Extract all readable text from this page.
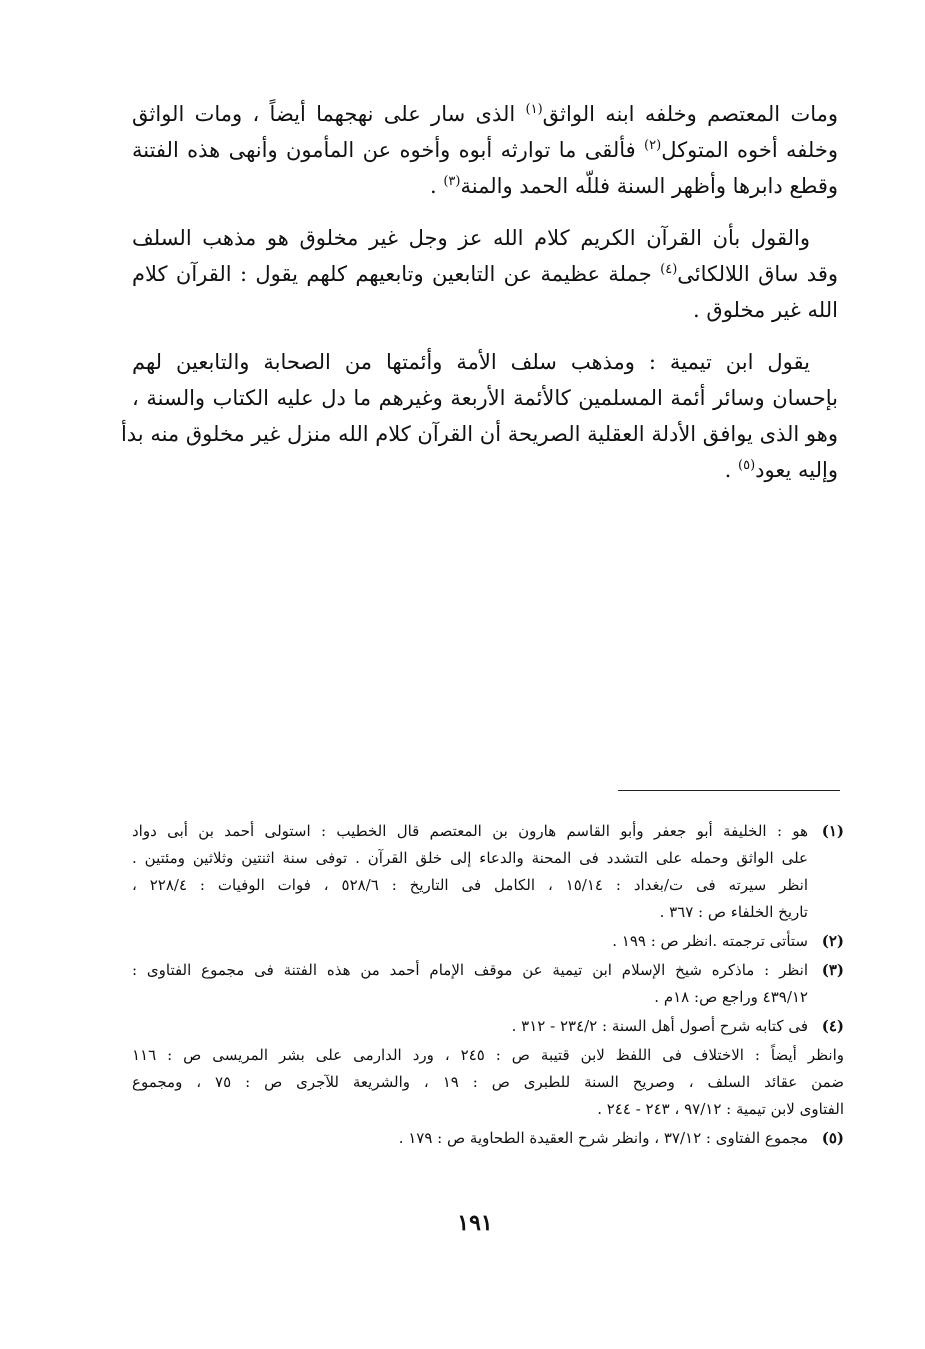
ومات المعتصم وخلفه ابنه الواثق$^{(١)}$ الذى سار على نهجهما أيضاً ، ومات الواثق
وخلفه أخوه المتوكل$^{(٢)}$ فألقى ما توارثه أبوه وأخوه عن المأمون وأنهى هذه الفتنة
وقطع دابرها وأظهر السنة فللّه الحمد والمنة$^{(٣)}$ .

والقول بأن القرآن الكريم كلام الله عز وجل غير مخلوق هو مذهب السلف
وقد ساق اللالكائى$^{(٤)}$ جملة عظيمة عن التابعين وتابعيهم كلهم يقول : القرآن كلام
الله غير مخلوق .

يقول ابن تيمية : ومذهب سلف الأمة وأئمتها من الصحابة والتابعين لهم
بإحسان وسائر أئمة المسلمين كالأئمة الأربعة وغيرهم ما دل عليه الكتاب والسنة ،
وهو الذى يوافق الأدلة العقلية الصريحة أن القرآن كلام الله منزل غير مخلوق منه بدأ
وإليه يعود$^{(٥)}$ .

(١)
هو : الخليفة أبو جعفر وأبو القاسم هارون بن المعتصم قال الخطيب : استولى أحمد بن أبى دواد
على الواثق وحمله على التشدد فى المحنة والدعاء إلى خلق القرآن . توفى سنة اثنتين وثلاثين ومئتين .
انظر سيرته فى ت/بغداد : ١٥/١٤ ، الكامل فى التاريخ : ٥٢٨/٦ ، فوات الوفيات : ٢٢٨/٤ ،
تاريخ الخلفاء ص : ٣٦٧ .
(٢)
ستأتى ترجمته .انظر ص : ١٩٩ .
(٣)
انظر : ماذكره شيخ الإسلام ابن تيمية عن موقف الإمام أحمد من هذه الفتنة فى مجموع الفتاوى :
٤٣٩/١٢ وراجع ص: ١٨م .
(٤)
فى كتابه شرح أصول أهل السنة : ٢٣٤/٢ - ٣١٢ .
وانظر أيضاً : الاختلاف فى اللفظ لابن قتيبة ص : ٢٤٥ ، ورد الدارمى على بشر المريسى ص : ١١٦
ضمن عقائد السلف ، وصريح السنة للطبرى ص : ١٩ ، والشريعة للآجرى ص : ٧٥ ، ومجموع
الفتاوى لابن تيمية : ٩٧/١٢ ، ٢٤٣ - ٢٤٤ .
(٥)
مجموع الفتاوى : ٣٧/١٢ ، وانظر شرح العقيدة الطحاوية ص : ١٧٩ .
١٩١
